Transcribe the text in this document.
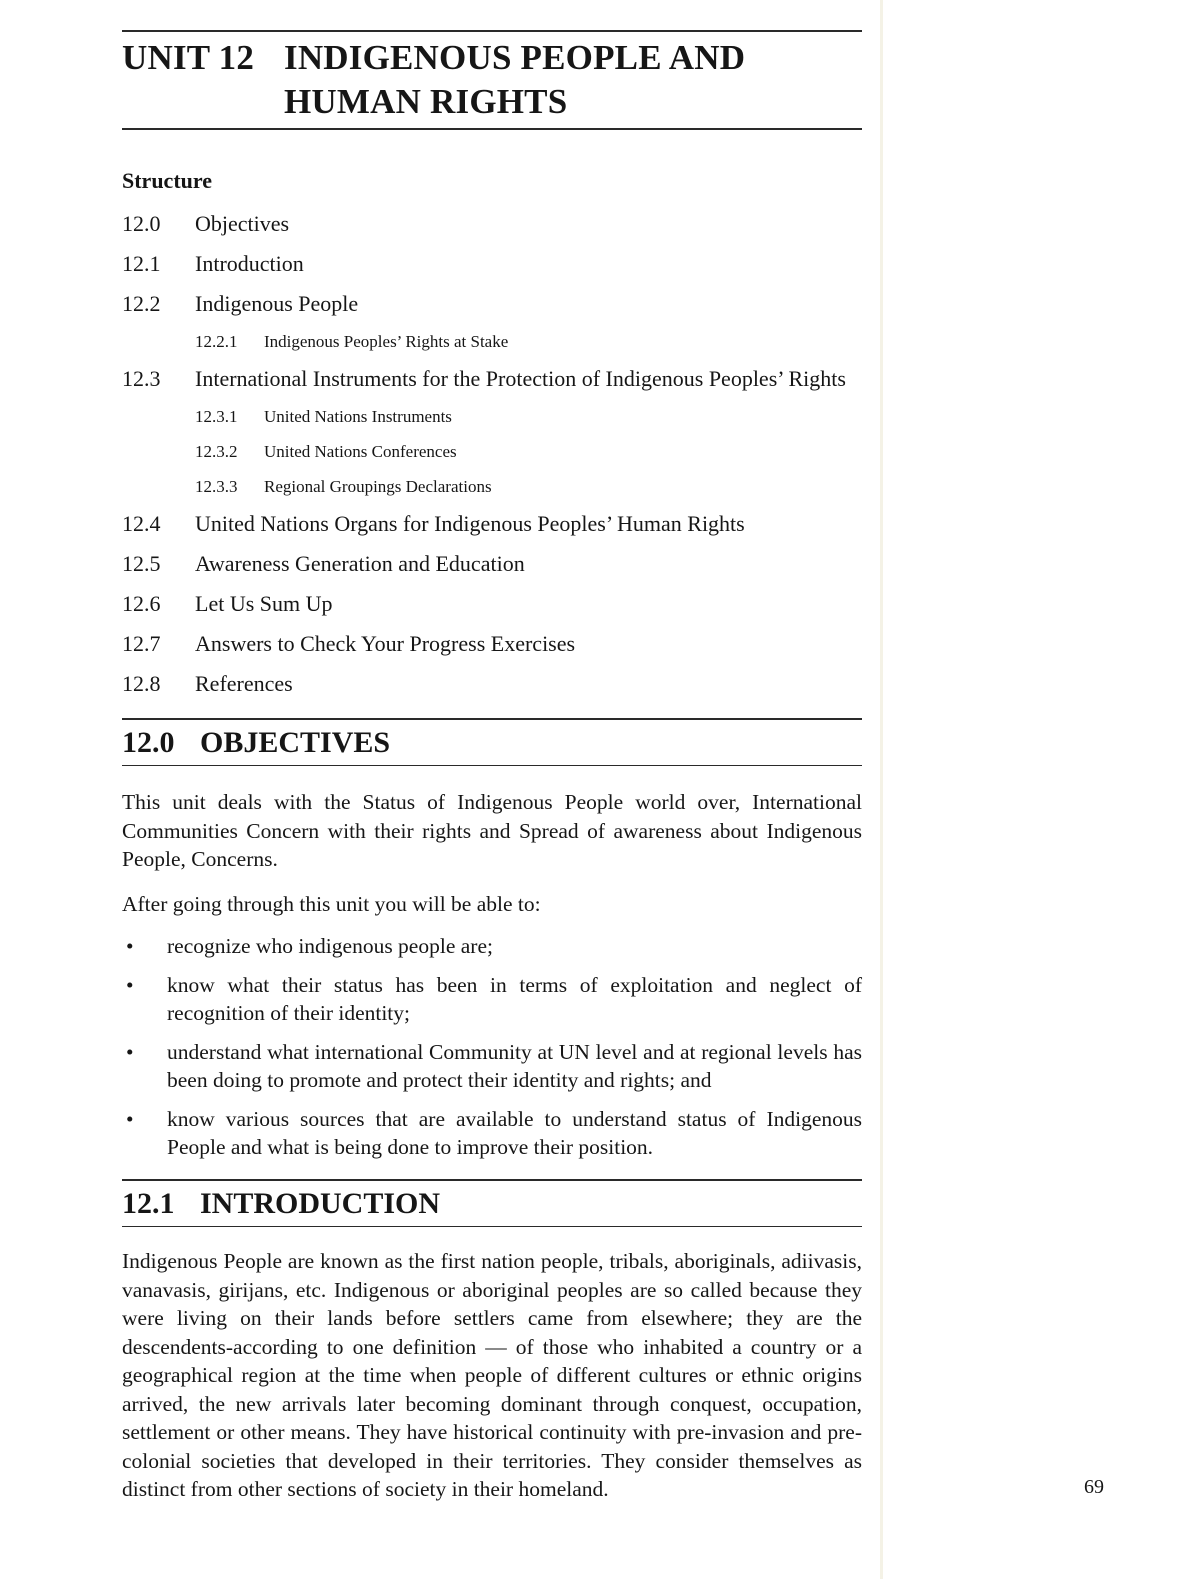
UNIT 12 INDIGENOUS PEOPLE AND
HUMAN RIGHTS
Structure
12.0	Objectives
12.1	Introduction
12.2	Indigenous People
12.2.1	Indigenous Peoples’ Rights at Stake
12.3	International Instruments for the Protection of Indigenous Peoples’ Rights
12.3.1	United Nations Instruments
12.3.2	United Nations Conferences
12.3.3	Regional Groupings Declarations
12.4	United Nations Organs for Indigenous Peoples’ Human Rights
12.5	Awareness Generation and Education
12.6	Let Us Sum Up
12.7	Answers to Check Your Progress Exercises
12.8	References
12.0 OBJECTIVES

This unit deals with the Status of Indigenous People world over, International Communities Concern with their rights and Spread of awareness about Indigenous People, Concerns.

After going through this unit you will be able to:

• recognize who indigenous people are;
• know what their status has been in terms of exploitation and neglect of recognition of their identity;
• understand what international Community at UN level and at regional levels has been doing to promote and protect their identity and rights; and
• know various sources that are available to understand status of Indigenous People and what is being done to improve their position.
12.1 INTRODUCTION

Indigenous People are known as the first nation people, tribals, aboriginals, adiivasis, vanavasis, girijans, etc. Indigenous or aboriginal peoples are so called because they were living on their lands before settlers came from elsewhere; they are the descendents-according to one definition — of those who inhabited a country or a geographical region at the time when people of different cultures or ethnic origins arrived, the new arrivals later becoming dominant through conquest, occupation, settlement or other means. They have historical continuity with pre-invasion and pre-colonial societies that developed in their territories. They consider themselves as distinct from other sections of society in their homeland.	69
